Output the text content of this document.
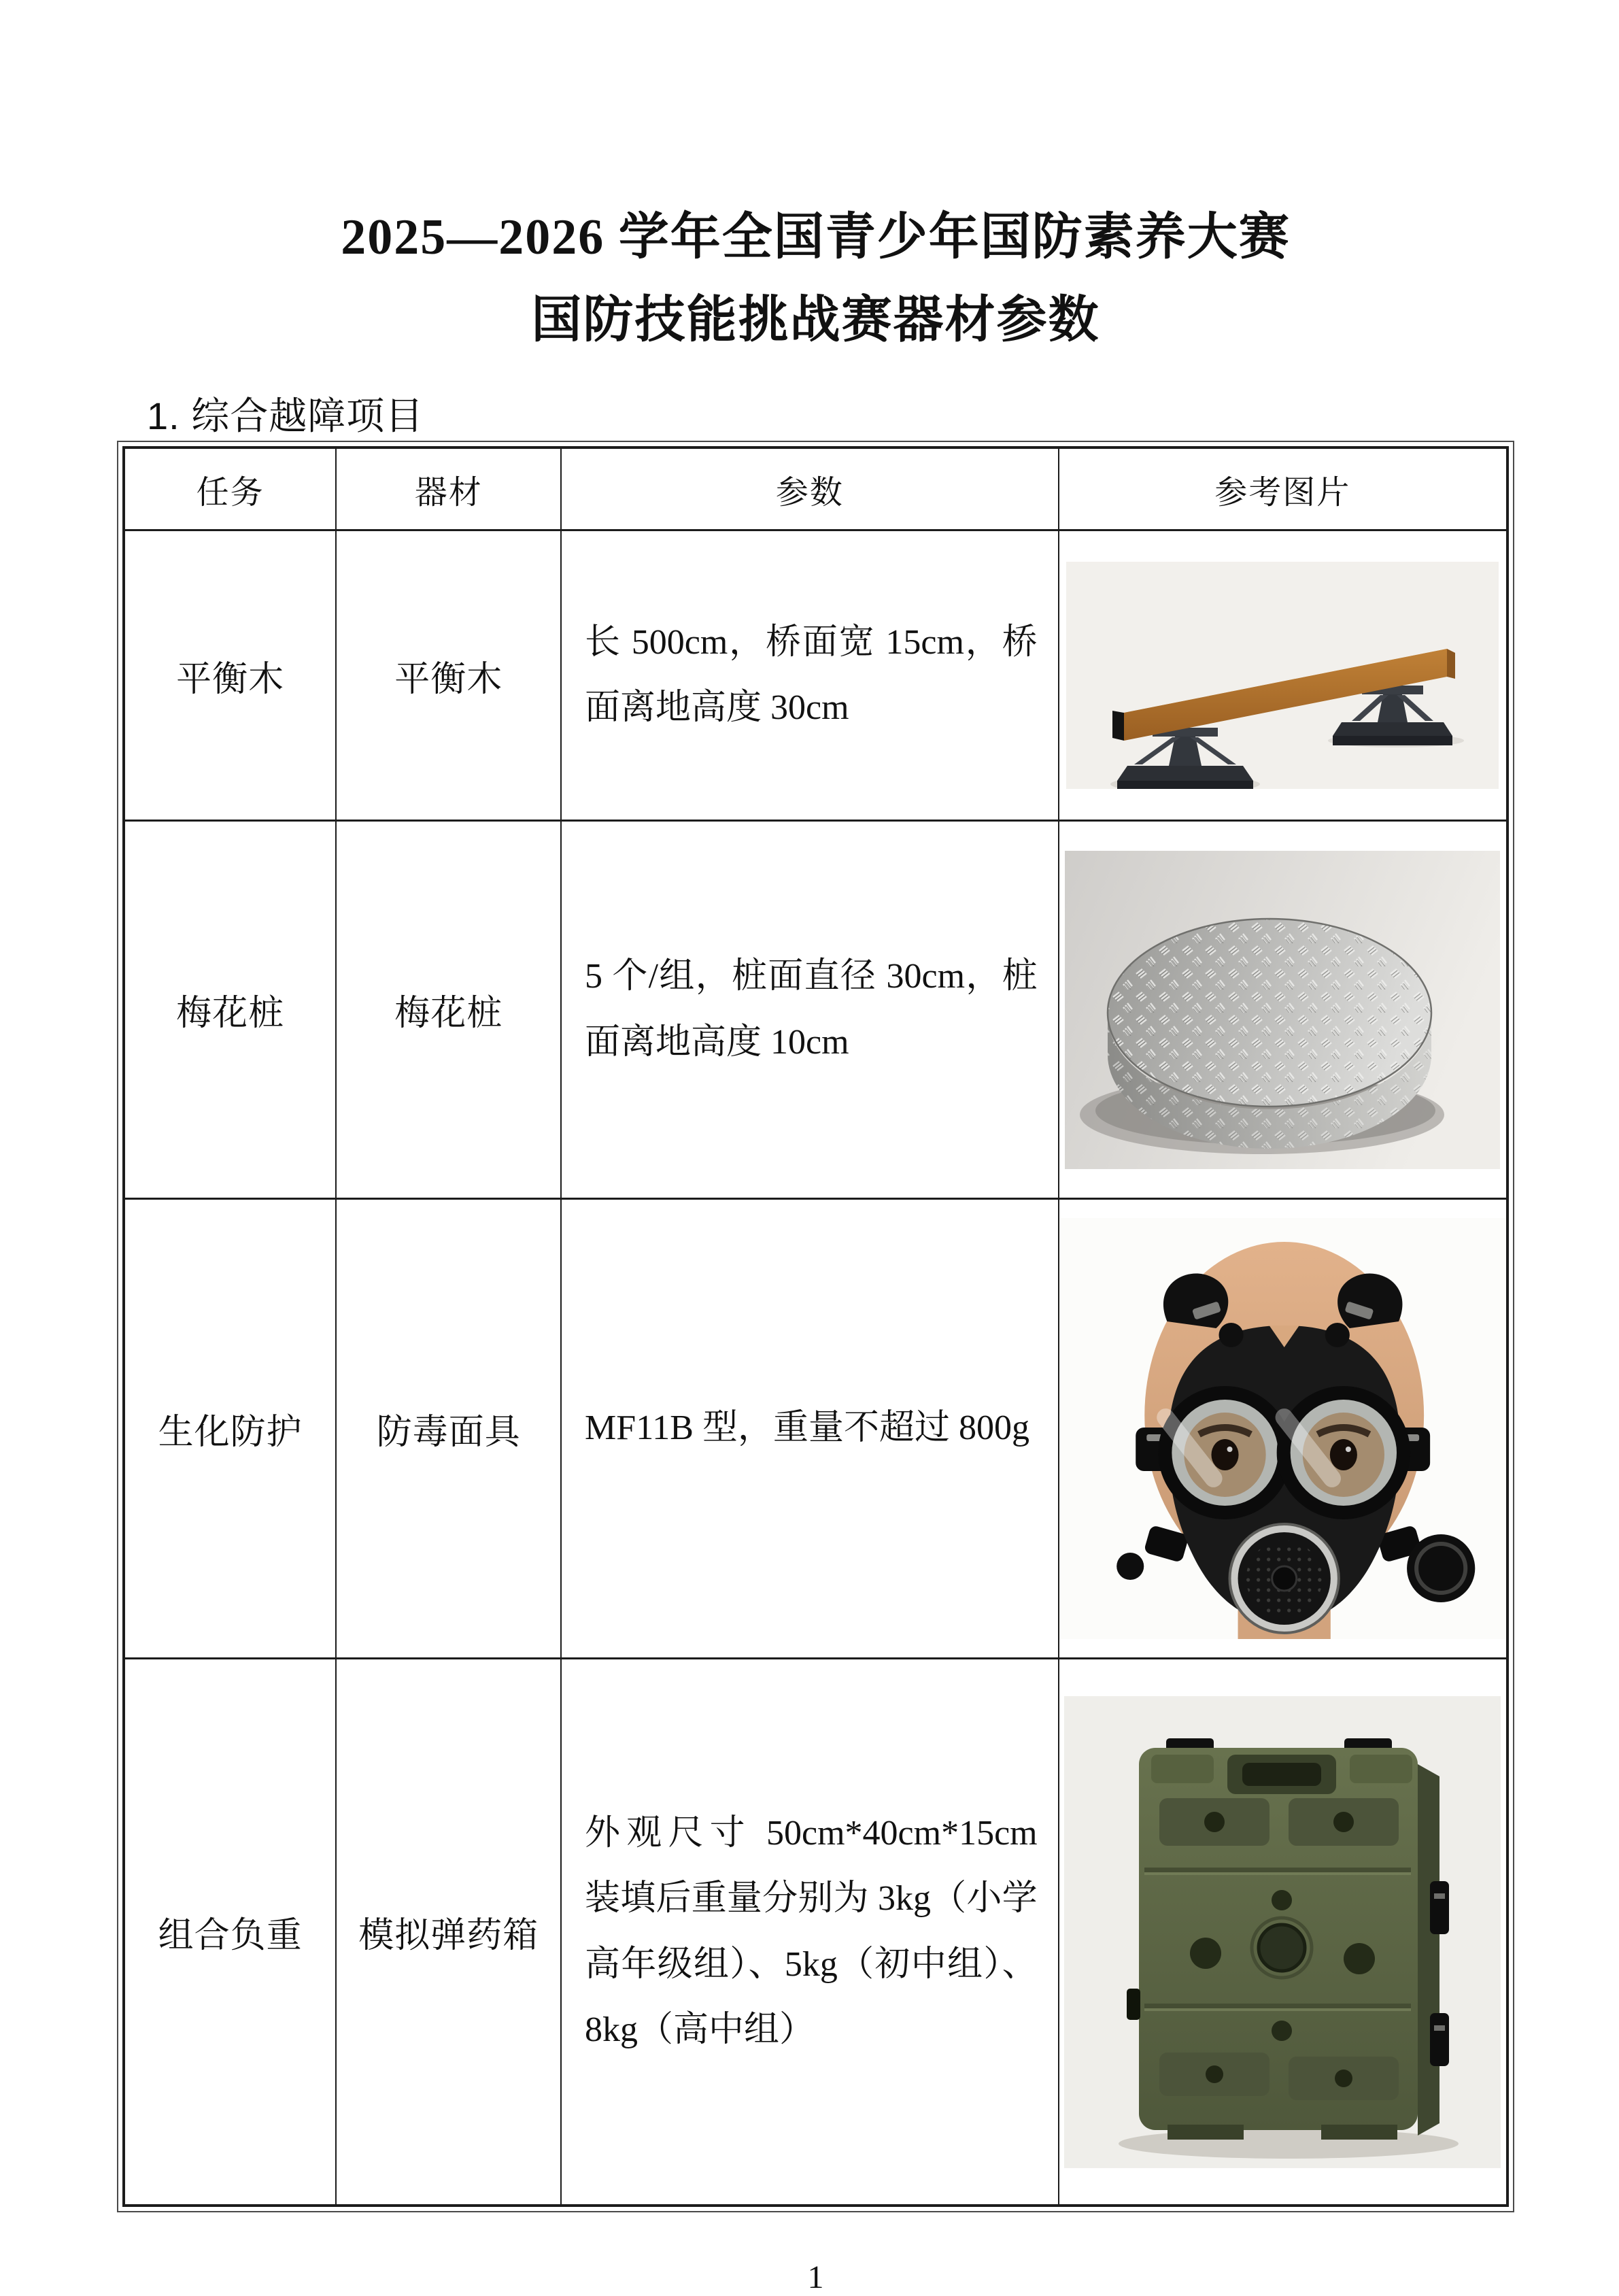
2025—2026 学年全国青少年国防素养大赛
国防技能挑战赛器材参数
1. 综合越障项目
任务	器材	参数	参考图片
平衡木	平衡木	长 500cm，桥面宽 15cm，桥面离地高度 30cm	

梅花桩	梅花桩	5 个/组，桩面直径 30cm，桩面离地高度 10cm	

生化防护	防毒面具	MF11B 型，重量不超过 800g	

组合负重	模拟弹药箱	外观尺寸 50cm*40cm*15cm 装填后重量分别为 3kg（小学高年级组）、5kg（初中组）、8kg（高中组）	
1
